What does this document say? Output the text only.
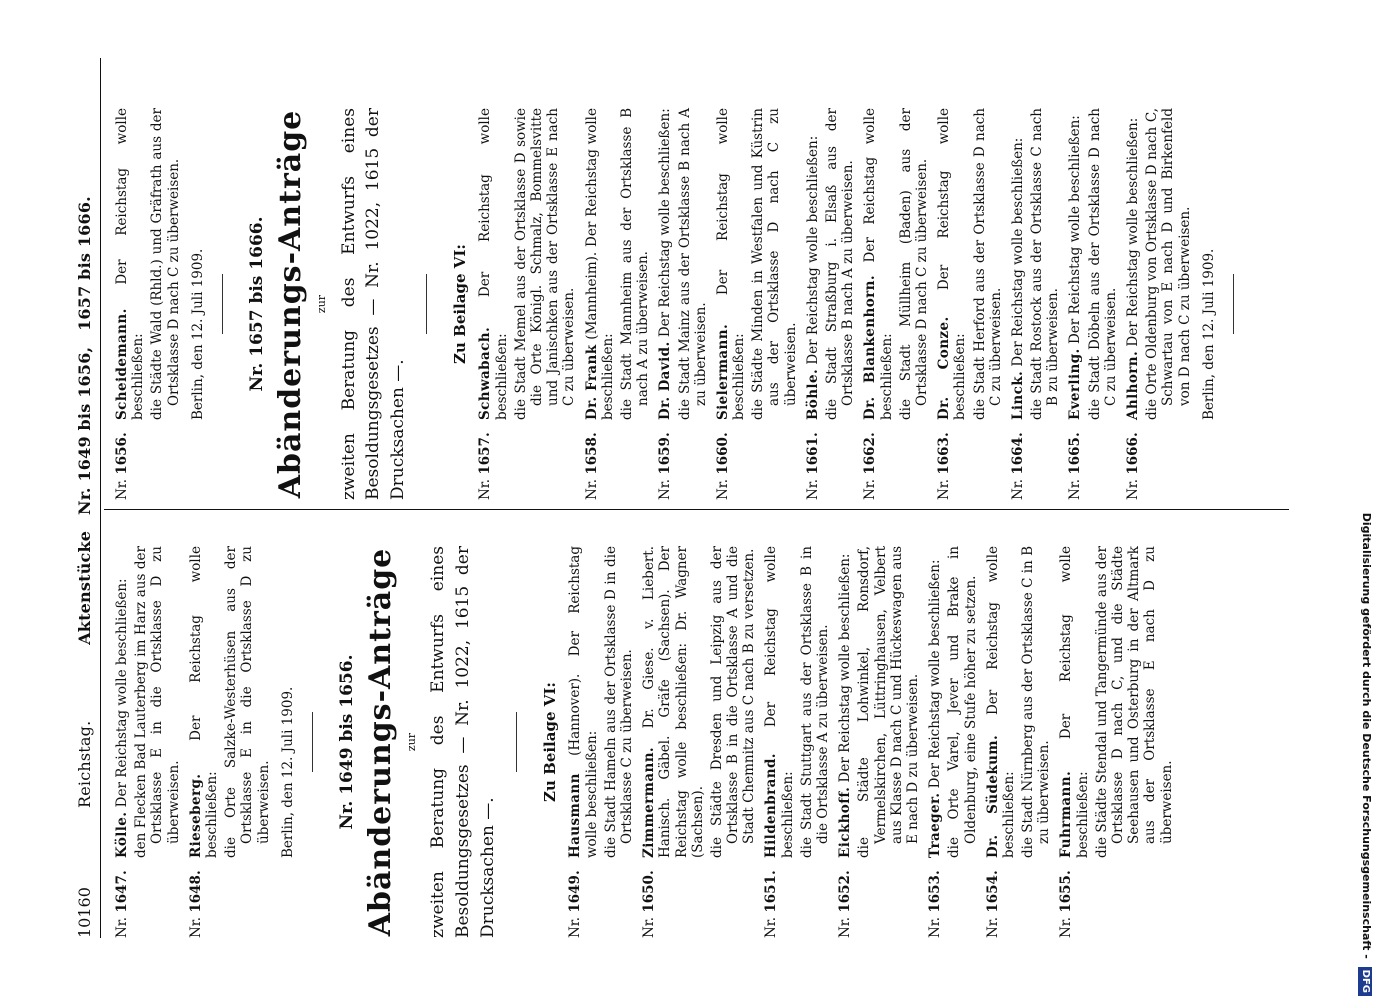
10160
Reichstag. Aktenstücke Nr. 1649 bis 1656, 1657 bis 1666.
Nr. 1647.
Kölle. Der Reichstag wolle beschließen: den Flecken Bad Lauterberg im Harz aus der Ortsklasse E in die Ortsklasse D zu überweisen.
Nr. 1648.
Rieseberg. Der Reichstag wolle beschließen: die Orte Salzke-Westerhüsen aus der Ortsklasse E in die Ortsklasse D zu überweisen. Berlin, den 12. Juli 1909. Nr. 1649 bis 1656. Abänderungs-Anträge zur zweiten Beratung des Entwurfs eines Besoldungsgesetzes — Nr. 1022, 1615 der Drucksachen —.
Zu Beilage VI:
Nr. 1649.
Hausmann (Hannover). Der Reichstag wolle beschließen: die Stadt Hameln aus der Ortsklasse D in die Ortsklasse C zu überweisen.
Nr. 1650.
Zimmermann. Dr. Giese. v. Liebert. Hanisch. Gäbel. Gräfe (Sachsen). Der Reichstag wolle beschließen: Dr. Wagner (Sachsen). die Städte Dresden und Leipzig aus der Ortsklasse B in die Ortsklasse A und die Stadt Chemnitz aus C nach B zu versetzen.
Nr. 1651.
Hildenbrand. Der Reichstag wolle beschließen: die Stadt Stuttgart aus der Ortsklasse B in die Ortsklasse A zu überweisen.
Nr. 1652.
Eickhoff. Der Reichstag wolle beschließen: die Städte Lohwinkel, Ronsdorf, Vermelskirchen, Lüttringhausen, Velbert aus Klasse D nach C und Hückeswagen aus E nach D zu überweisen.
Nr. 1653.
Traeger. Der Reichstag wolle beschließen: die Orte Varel, Jever und Brake in Oldenburg, eine Stufe höher zu setzen.
Nr. 1654.
Dr. Südekum. Der Reichstag wolle beschließen: die Stadt Nürnberg aus der Ortsklasse C in B zu überweisen.
Nr. 1655.
Fuhrmann. Der Reichstag wolle beschließen: die Städte Stendal und Tangermünde aus der Ortsklasse D nach C, und die Städte Seehausen und Osterburg in der Altmark aus der Ortsklasse E nach D zu überweisen.
Nr. 1656.
Scheidemann. Der Reichstag wolle beschließen: die Städte Wald (Rhld.) und Gräfrath aus der Ortsklasse D nach C zu überweisen. Berlin, den 12. Juli 1909. Nr. 1657 bis 1666. Abänderungs-Anträge zur zweiten Beratung des Entwurfs eines Besoldungsgesetzes — Nr. 1022, 1615 der Drucksachen —.
Zu Beilage VI:
Nr. 1657.
Schwabach. Der Reichstag wolle beschließen: die Stadt Memel aus der Ortsklasse D sowie die Orte Königl. Schmalz, Bommelsvitte und Janischken aus der Ortsklasse E nach C zu überweisen.
Nr. 1658.
Dr. Frank (Mannheim). Der Reichstag wolle beschließen: die Stadt Mannheim aus der Ortsklasse B nach A zu überweisen.
Nr. 1659.
Dr. David. Der Reichstag wolle beschließen: die Stadt Mainz aus der Ortsklasse B nach A zu überweisen.
Nr. 1660.
Sielermann. Der Reichstag wolle beschließen: die Städte Minden in Westfalen und Küstrin aus der Ortsklasse D nach C zu überweisen.
Nr. 1661.
Böhle. Der Reichstag wolle beschließen: die Stadt Straßburg i. Elsaß aus der Ortsklasse B nach A zu überweisen.
Nr. 1662.
Dr. Blankenhorn. Der Reichstag wolle beschließen: die Stadt Müllheim (Baden) aus der Ortsklasse D nach C zu überweisen.
Nr. 1663.
Dr. Conze. Der Reichstag wolle beschließen: die Stadt Herford aus der Ortsklasse D nach C zu überweisen.
Nr. 1664.
Linck. Der Reichstag wolle beschließen: die Stadt Rostock aus der Ortsklasse C nach B zu überweisen.
Nr. 1665.
Everling. Der Reichstag wolle beschließen: die Stadt Döbeln aus der Ortsklasse D nach C zu überweisen.
Nr. 1666.
Ahlhorn. Der Reichstag wolle beschließen: die Orte Oldenburg von Ortsklasse D nach C, Schwartau von E nach D und Birkenfeld von D nach C zu überweisen. Berlin, den 12. Juli 1909.
Digitalisierung gefördert durch die Deutsche Forschungsgemeinschaft - DFG
